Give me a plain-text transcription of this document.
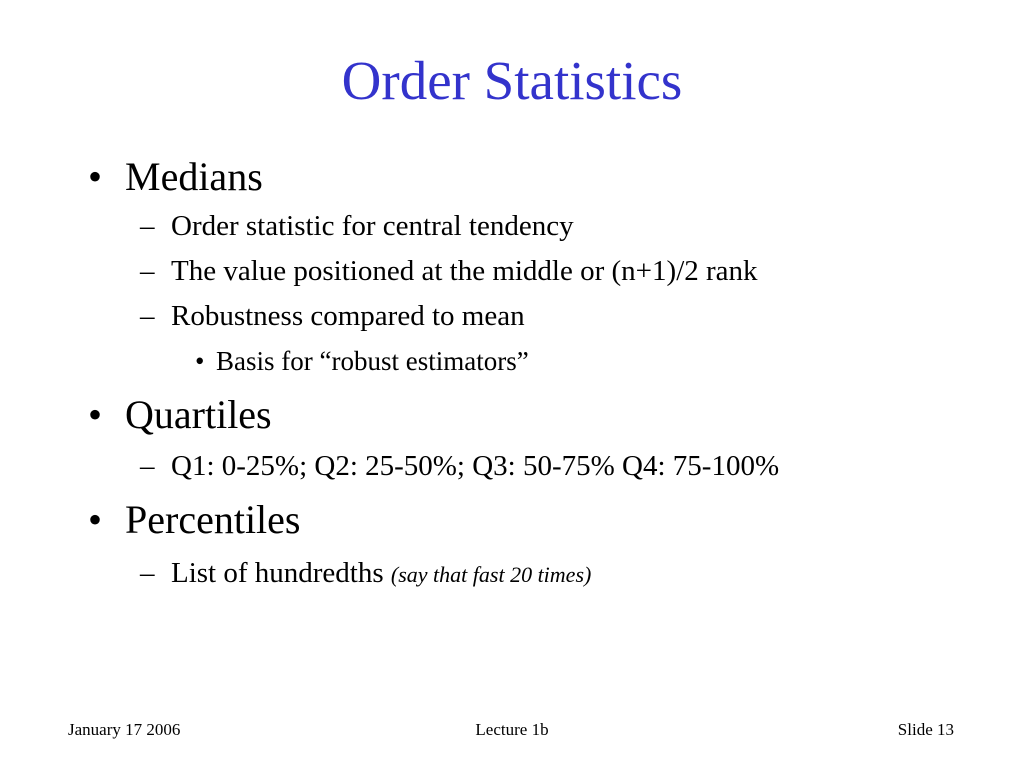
Order Statistics
• Medians
– Order statistic for central tendency
– The value positioned at the middle or (n+1)/2 rank
– Robustness compared to mean
• Basis for “robust estimators”
• Quartiles
– Q1: 0-25%; Q2: 25-50%; Q3: 50-75% Q4: 75-100%
• Percentiles
– List of hundredths (say that fast 20 times)
January 17 2006	Lecture 1b	Slide 13
